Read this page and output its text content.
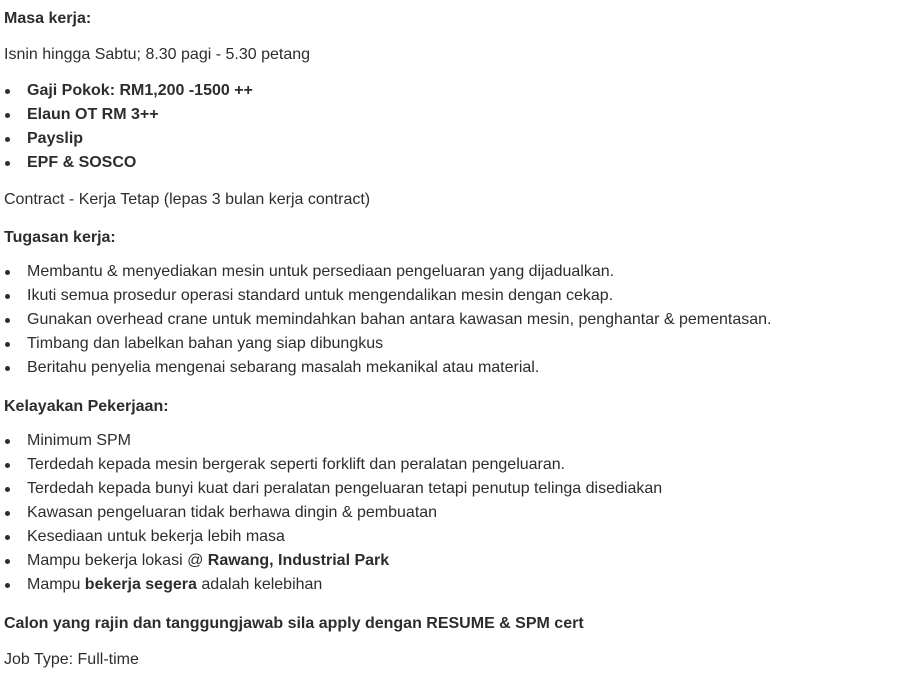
Masa kerja:

Isnin hingga Sabtu; 8.30 pagi - 5.30 petang

Gaji Pokok: RM1,200 -1500 ++
Elaun OT RM 3++
Payslip
EPF & SOSCO

Contract - Kerja Tetap (lepas 3 bulan kerja contract)

Tugasan kerja:

Membantu & menyediakan mesin untuk persediaan pengeluaran yang dijadualkan.
Ikuti semua prosedur operasi standard untuk mengendalikan mesin dengan cekap.
Gunakan overhead crane untuk memindahkan bahan antara kawasan mesin, penghantar & pementasan.
Timbang dan labelkan bahan yang siap dibungkus
Beritahu penyelia mengenai sebarang masalah mekanikal atau material.

Kelayakan Pekerjaan:

Minimum SPM
Terdedah kepada mesin bergerak seperti forklift dan peralatan pengeluaran.
Terdedah kepada bunyi kuat dari peralatan pengeluaran tetapi penutup telinga disediakan
Kawasan pengeluaran tidak berhawa dingin & pembuatan
Kesediaan untuk bekerja lebih masa
Mampu bekerja lokasi @ Rawang, Industrial Park
Mampu bekerja segera adalah kelebihan

Calon yang rajin dan tanggungjawab sila apply dengan RESUME & SPM cert

Job Type: Full-time
